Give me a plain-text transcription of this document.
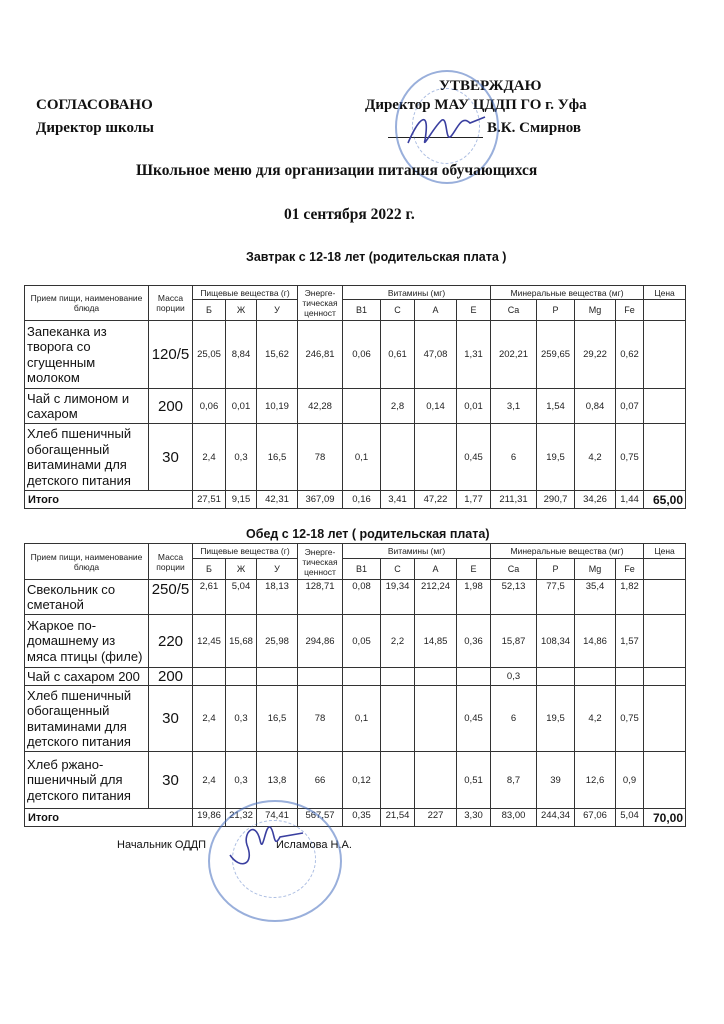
УТВЕРЖДАЮ
СОГЛАСОВАНО	Директор МАУ ЦДДП ГО г. Уфа
Директор школы	В.К. Смирнов
Школьное меню для организации питания обучающихся
01 сентября 2022 г.
Завтрак с 12-18 лет (родительская плата )
Прием пищи, наименование блюда	Масса порции	Пищевые вещества (г)			Энерге-тическая ценност	Витамины (мг)				Минеральные вещества (мг)				Цена
		Б	Ж	У		В1	С	А	Е	Ca	P	Mg	Fe	
Запеканка из творога со сгущенным молоком	120/5	25,05	8,84	15,62	246,81	0,06	0,61	47,08	1,31	202,21	259,65	29,22	0,62	
Чай с лимоном и сахаром	200	0,06	0,01	10,19	42,28		2,8	0,14	0,01	3,1	1,54	0,84	0,07	
Хлеб пшеничный обогащенный витаминами для детского питания	30	2,4	0,3	16,5	78	0,1			0,45	6	19,5	4,2	0,75	
Итого		27,51	9,15	42,31	367,09	0,16	3,41	47,22	1,77	211,31	290,7	34,26	1,44	65,00
Обед с 12-18 лет ( родительская плата)
Прием пищи, наименование блюда	Масса порции	Пищевые вещества (г)			Энерге-тическая ценност	Витамины (мг)				Минеральные вещества (мг)				Цена
		Б	Ж	У		В1	С	А	Е	Ca	P	Mg	Fe	
Свекольник со сметаной	250/5	2,61	5,04	18,13	128,71	0,08	19,34	212,24	1,98	52,13	77,5	35,4	1,82	
Жаркое по-домашнему из мяса птицы (филе)	220	12,45	15,68	25,98	294,86	0,05	2,2	14,85	0,36	15,87	108,34	14,86	1,57	
Чай с сахаром 200	200									0,3				
Хлеб пшеничный обогащенный витаминами для детского питания	30	2,4	0,3	16,5	78	0,1			0,45	6	19,5	4,2	0,75	
Хлеб ржано-пшеничный для детского питания	30	2,4	0,3	13,8	66	0,12			0,51	8,7	39	12,6	0,9	
Итого		19,86	21,32	74,41	567,57	0,35	21,54	227	3,30	83,00	244,34	67,06	5,04	70,00
Начальник ОДДП	Исламова Н.А.
